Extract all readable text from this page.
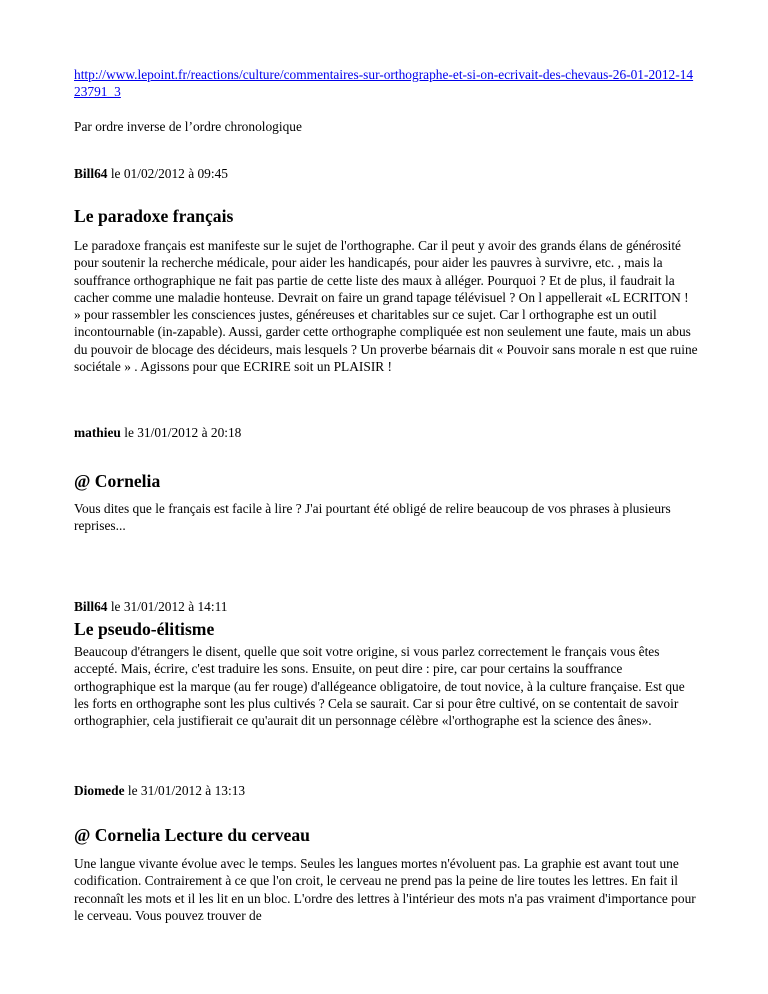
http://www.lepoint.fr/reactions/culture/commentaires-sur-orthographe-et-si-on-ecrivait-des-chevaus-26-01-2012-1423791_3
Par ordre inverse de l’ordre chronologique
Bill64 le 01/02/2012 à 09:45
Le paradoxe français

Le paradoxe français est manifeste sur le sujet de l'orthographe. Car il peut y avoir des grands élans de générosité pour soutenir la recherche médicale, pour aider les handicapés, pour aider les pauvres à survivre, etc. , mais la souffrance orthographique ne fait pas partie de cette liste des maux à alléger. Pourquoi ? Et de plus, il faudrait la cacher comme une maladie honteuse. Devrait on faire un grand tapage télévisuel ? On l appellerait «L ECRITON ! » pour rassembler les consciences justes, généreuses et charitables sur ce sujet. Car l orthographe est un outil incontournable (in-zapable). Aussi, garder cette orthographe compliquée est non seulement une faute, mais un abus du pouvoir de blocage des décideurs, mais lesquels ? Un proverbe béarnais dit « Pouvoir sans morale n est que ruine sociétale » . Agissons pour que ECRIRE soit un PLAISIR !

mathieu le 31/01/2012 à 20:18
@ Cornelia

Vous dites que le français est facile à lire ? J'ai pourtant été obligé de relire beaucoup de vos phrases à plusieurs reprises...

Bill64 le 31/01/2012 à 14:11
Le pseudo-élitisme

Beaucoup d'étrangers le disent, quelle que soit votre origine, si vous parlez correctement le français vous êtes accepté. Mais, écrire, c'est traduire les sons. Ensuite, on peut dire : pire, car pour certains la souffrance orthographique est la marque (au fer rouge) d'allégeance obligatoire, de tout novice, à la culture française. Est que les forts en orthographe sont les plus cultivés ? Cela se saurait. Car si pour être cultivé, on se contentait de savoir orthographier, cela justifierait ce qu'aurait dit un personnage célèbre «l'orthographe est la science des ânes».

Diomede le 31/01/2012 à 13:13
@ Cornelia Lecture du cerveau

Une langue vivante évolue avec le temps. Seules les langues mortes n'évoluent pas. La graphie est avant tout une codification. Contrairement à ce que l'on croit, le cerveau ne prend pas la peine de lire toutes les lettres. En fait il reconnaît les mots et il les lit en un bloc. L'ordre des lettres à l'intérieur des mots n'a pas vraiment d'importance pour le cerveau. Vous pouvez trouver de
